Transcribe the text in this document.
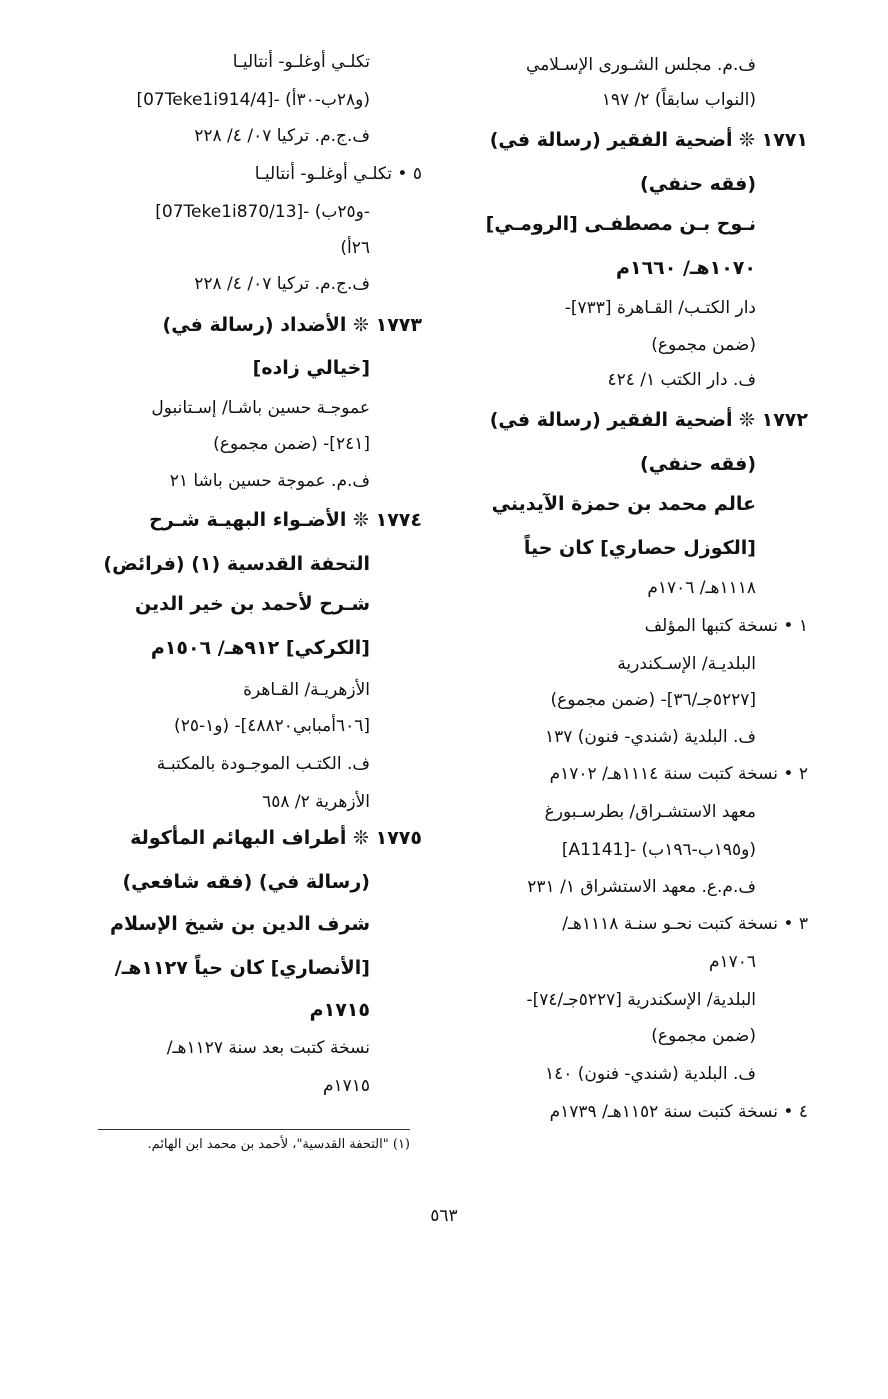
ف.م. مجلس الشـورى الإسـلامي
(النواب سابقاً) ٢/ ١٩٧
١٧٧١ ❊ أضحية الفقير (رسالة في)
(فقه حنفي)
نـوح بـن مصطفـى [الرومـي]
١٠٧٠هـ/ ١٦٦٠م
دار الكتـب/ القـاهرة [٧٣٣]-
(ضمن مجموع)
ف. دار الكتب ١/ ٤٢٤
١٧٧٢ ❊ أضحية الفقير (رسالة في)
(فقه حنفي)
عالم محمد بن حمزة الآيديني
[الكوزل حصاري] كان حياً
١١١٨هـ/ ١٧٠٦م
١ • نسخة كتبها المؤلف
البلديـة/ الإسـكندرية
[٥٢٢٧جـ/٣٦]- (ضمن مجموع)
ف. البلدية (شندي- فنون) ١٣٧
٢ • نسخة كتبت سنة ١١١٤هـ/ ١٧٠٢م
معهد الاستشـراق/ بطرسـبورغ
[A1141]- (و١٩٥ب-١٩٦ب)
ف.م.ع. معهد الاستشراق ١/ ٢٣١
٣ • نسخة كتبت نحـو سنـة ١١١٨هـ/
١٧٠٦م
البلدية/ الإسكندرية [٥٢٢٧جـ/٧٤]-
(ضمن مجموع)
ف. البلدية (شندي- فنون) ١٤٠
٤ • نسخة كتبت سنة ١١٥٢هـ/ ١٧٣٩م
تكلـي أوغلـو- أنتاليـا
[07Teke1i914/4]- (و٢٨ب-٣٠أ)
ف.ج.م. تركيا ٠٧/ ٤/ ٢٢٨
٥ • تكلـي أوغلـو- أنتاليـا
[07Teke1i870/13]- (و٢٥ب-
٢٦أ)
ف.ج.م. تركيا ٠٧/ ٤/ ٢٢٨
١٧٧٣ ❊ الأضداد (رسالة في)
[خيالي زاده]
عموجـة حسين باشـا/ إسـتانبول
[٢٤١]- (ضمن مجموع)
ف.م. عموجة حسين باشا ٢١
١٧٧٤ ❊ الأضـواء البهيـة شـرح
التحفة القدسية (١) (فرائض)
شـرح لأحمد بن خير الدين
[الكركي] ٩١٢هـ/ ١٥٠٦م
الأزهريـة/ القـاهرة
[٦٠٦أمبابي٤٨٨٢٠]- (و١-٢٥)
ف. الكتـب الموجـودة بالمكتبـة
الأزهرية ٢/ ٦٥٨
١٧٧٥ ❊ أطراف البهائم المأكولة
(رسالة في) (فقه شافعي)
شرف الدين بن شيخ الإسلام
[الأنصاري] كان حياً ١١٢٧هـ/
١٧١٥م
نسخة كتبت بعد سنة ١١٢٧هـ/
١٧١٥م
(١) "التحفة القدسية"، لأحمد بن محمد ابن الهائم.
٥٦٣
